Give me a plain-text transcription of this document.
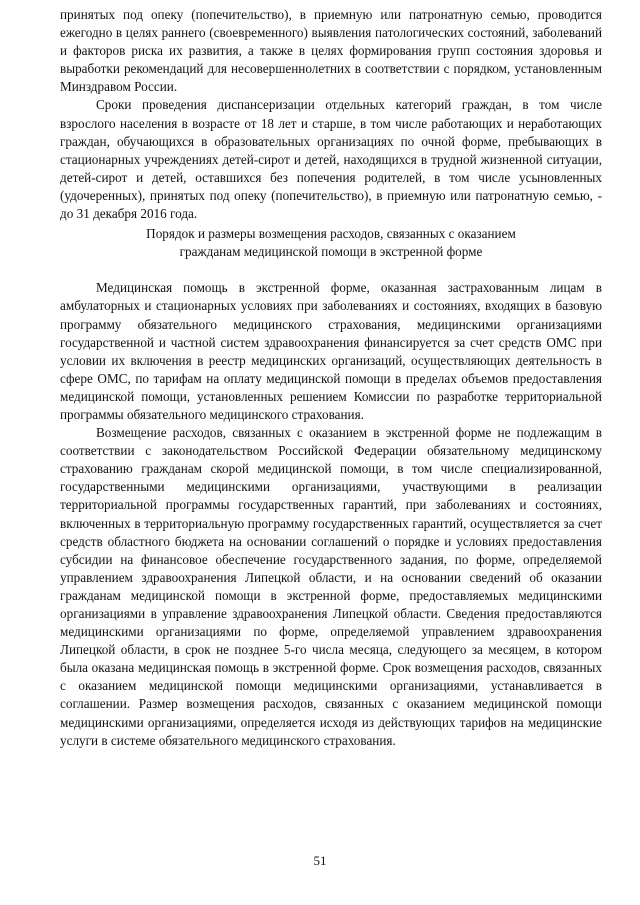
принятых под опеку (попечительство), в приемную или патронатную семью, проводится ежегодно в целях раннего (своевременного) выявления патологических состояний, заболеваний и факторов риска их развития, а также в целях формирования групп состояния здоровья и выработки рекомендаций для несовершеннолетних в соответствии с порядком, установленным Минздравом России.

Сроки проведения диспансеризации отдельных категорий граждан, в том числе взрослого населения в возрасте от 18 лет и старше, в том числе работающих и неработающих граждан, обучающихся в образовательных организациях по очной форме, пребывающих в стационарных учреждениях детей-сирот и детей, находящихся в трудной жизненной ситуации, детей-сирот и детей, оставшихся без попечения родителей, в том числе усыновленных (удочеренных), принятых под опеку (попечительство), в приемную или патронатную семью, - до 31 декабря 2016 года.

Порядок и размеры возмещения расходов, связанных с оказанием
гражданам медицинской помощи в экстренной форме

Медицинская помощь в экстренной форме, оказанная застрахованным лицам в амбулаторных и стационарных условиях при заболеваниях и состояниях, входящих в базовую программу обязательного медицинского страхования, медицинскими организациями государственной и частной систем здравоохранения финансируется за счет средств ОМС при условии их включения в реестр медицинских организаций, осуществляющих деятельность в сфере ОМС, по тарифам на оплату медицинской помощи в пределах объемов предоставления медицинской помощи, установленных решением Комиссии по разработке территориальной программы обязательного медицинского страхования.

Возмещение расходов, связанных с оказанием в экстренной форме не подлежащим в соответствии с законодательством Российской Федерации обязательному медицинскому страхованию гражданам скорой медицинской помощи, в том числе специализированной, государственными медицинскими организациями, участвующими в реализации территориальной программы государственных гарантий, при заболеваниях и состояниях, включенных в территориальную программу государственных гарантий, осуществляется за счет средств областного бюджета на основании соглашений о порядке и условиях предоставления субсидии на финансовое обеспечение государственного задания, по форме, определяемой управлением здравоохранения Липецкой области, и на основании сведений об оказании гражданам медицинской помощи в экстренной форме, предоставляемых медицинскими организациями в управление здравоохранения Липецкой области. Сведения предоставляются медицинскими организациями по форме, определяемой управлением здравоохранения Липецкой области, в срок не позднее 5-го числа месяца, следующего за месяцем, в котором была оказана медицинская помощь в экстренной форме. Срок возмещения расходов, связанных с оказанием медицинской помощи медицинскими организациями, устанавливается в соглашении. Размер возмещения расходов, связанных с оказанием медицинской помощи медицинскими организациями, определяется исходя из действующих тарифов на медицинские услуги в системе обязательного медицинского страхования.

51
